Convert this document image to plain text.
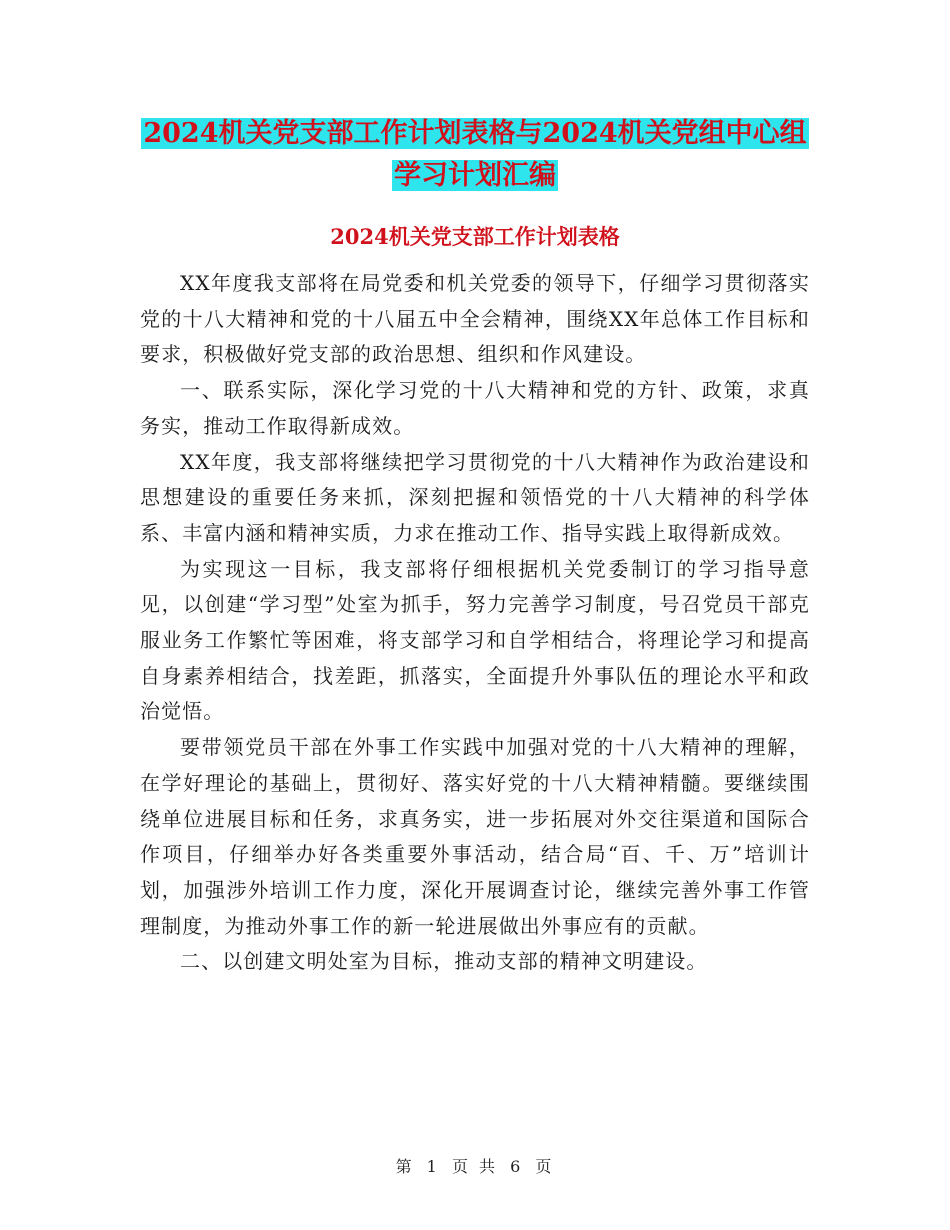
2024机关党支部工作计划表格与2024机关党组中心组
学习计划汇编
2024机关党支部工作计划表格

XX年度我支部将在局党委和机关党委的领导下，仔细学习贯彻落实党的十八大精神和党的十八届五中全会精神，围绕XX年总体工作目标和要求，积极做好党支部的政治思想、组织和作风建设。

一、联系实际，深化学习党的十八大精神和党的方针、政策，求真务实，推动工作取得新成效。

XX年度，我支部将继续把学习贯彻党的十八大精神作为政治建设和思想建设的重要任务来抓，深刻把握和领悟党的十八大精神的科学体系、丰富内涵和精神实质，力求在推动工作、指导实践上取得新成效。

为实现这一目标，我支部将仔细根据机关党委制订的学习指导意见，以创建“学习型”处室为抓手，努力完善学习制度，号召党员干部克服业务工作繁忙等困难，将支部学习和自学相结合，将理论学习和提高自身素养相结合，找差距，抓落实，全面提升外事队伍的理论水平和政治觉悟。

要带领党员干部在外事工作实践中加强对党的十八大精神的理解，在学好理论的基础上，贯彻好、落实好党的十八大精神精髓。要继续围绕单位进展目标和任务，求真务实，进一步拓展对外交往渠道和国际合作项目，仔细举办好各类重要外事活动，结合局“百、千、万”培训计划，加强涉外培训工作力度，深化开展调查讨论，继续完善外事工作管理制度，为推动外事工作的新一轮进展做出外事应有的贡献。

二、以创建文明处室为目标，推动支部的精神文明建设。

第 1 页 共 6 页
